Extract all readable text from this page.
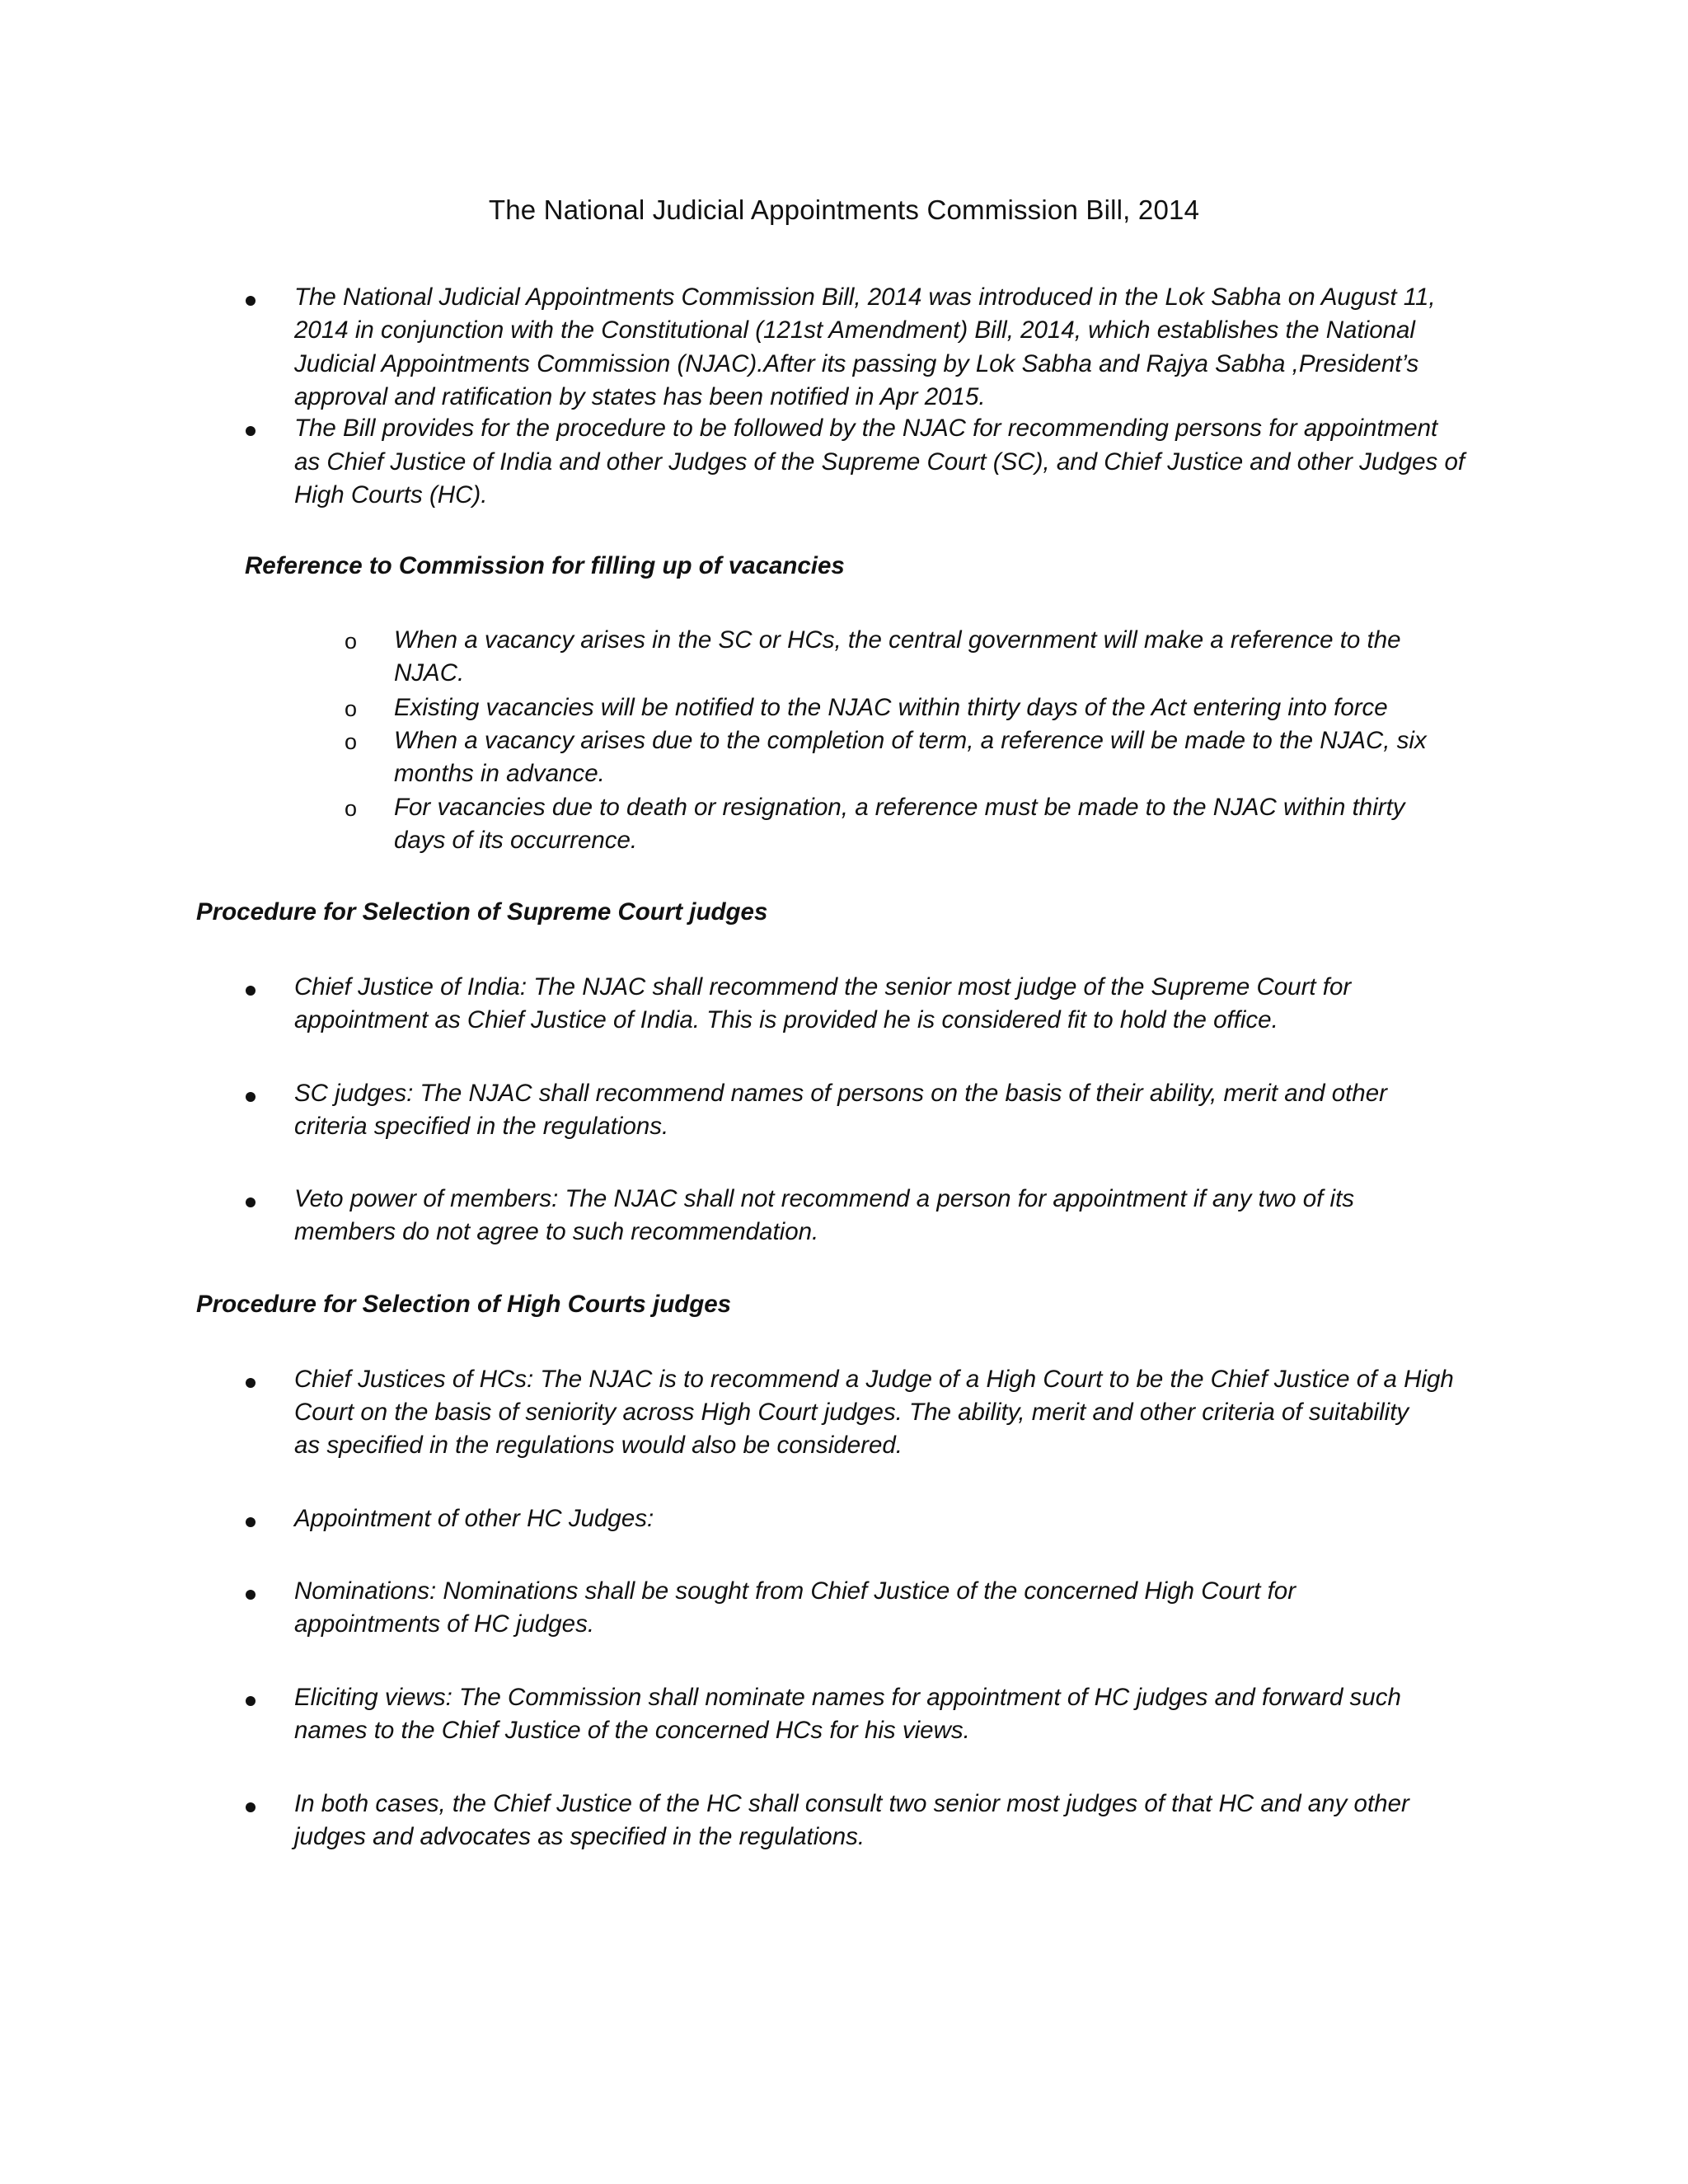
The National Judicial Appointments Commission Bill, 2014
The National Judicial Appointments Commission Bill, 2014 was introduced in the Lok Sabha on August 11,
2014 in conjunction with the Constitutional (121st Amendment) Bill, 2014, which establishes the National
Judicial Appointments Commission (NJAC).After its passing by Lok Sabha and Rajya Sabha ,President’s
approval and ratification by states has been notified in Apr 2015.
The Bill provides for the procedure to be followed by the NJAC for recommending persons for appointment
as Chief Justice of India and other Judges of the Supreme Court (SC), and Chief Justice and other Judges of
High Courts (HC).
Reference to Commission for filling up of vacancies
o When a vacancy arises in the SC or HCs, the central government will make a reference to the
NJAC.
o Existing vacancies will be notified to the NJAC within thirty days of the Act entering into force
o When a vacancy arises due to the completion of term, a reference will be made to the NJAC, six
months in advance.
o For vacancies due to death or resignation, a reference must be made to the NJAC within thirty
days of its occurrence.
Procedure for Selection of Supreme Court judges
Chief Justice of India: The NJAC shall recommend the senior most judge of the Supreme Court for
appointment as Chief Justice of India. This is provided he is considered fit to hold the office.
SC judges: The NJAC shall recommend names of persons on the basis of their ability, merit and other
criteria specified in the regulations.
Veto power of members: The NJAC shall not recommend a person for appointment if any two of its
members do not agree to such recommendation.
Procedure for Selection of High Courts judges
Chief Justices of HCs: The NJAC is to recommend a Judge of a High Court to be the Chief Justice of a High
Court on the basis of seniority across High Court judges. The ability, merit and other criteria of suitability
as specified in the regulations would also be considered.
Appointment of other HC Judges:
Nominations: Nominations shall be sought from Chief Justice of the concerned High Court for
appointments of HC judges.
Eliciting views: The Commission shall nominate names for appointment of HC judges and forward such
names to the Chief Justice of the concerned HCs for his views.
In both cases, the Chief Justice of the HC shall consult two senior most judges of that HC and any other
judges and advocates as specified in the regulations.
